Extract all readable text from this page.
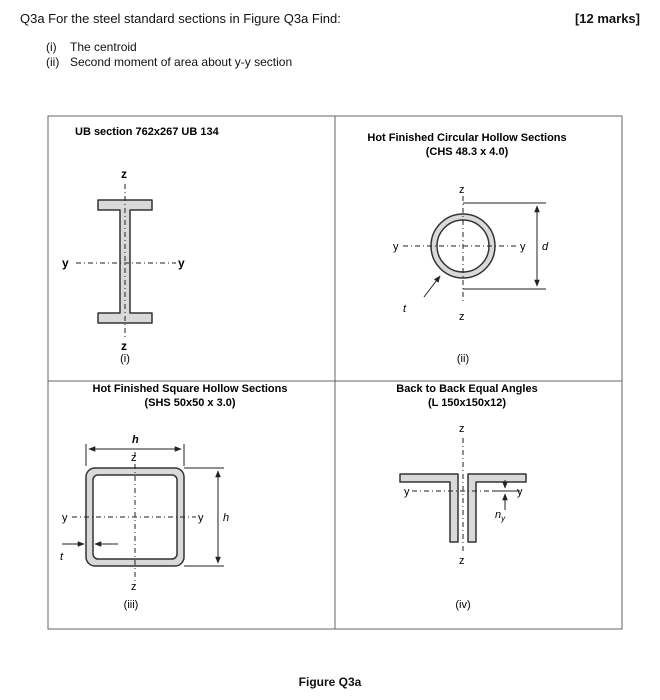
Q3a For the steel standard sections in Figure Q3a Find:	[12 marks]
(i) The centroid
(ii) Second moment of area about y-y section
UB section 762x267 UB 134
z
z
y	y
(i)
Hot Finished Circular Hollow Sections
(CHS 48.3 x 4.0)
z
z
y	y
t
d
(ii)
Hot Finished Square Hollow Sections
(SHS 50x50 x 3.0)
h
z
z
y	y h
t
(iii)
Back to Back Equal Angles
(L 150x150x12)
z
z
y	y
$n_y$
(iv)
Figure Q3a
